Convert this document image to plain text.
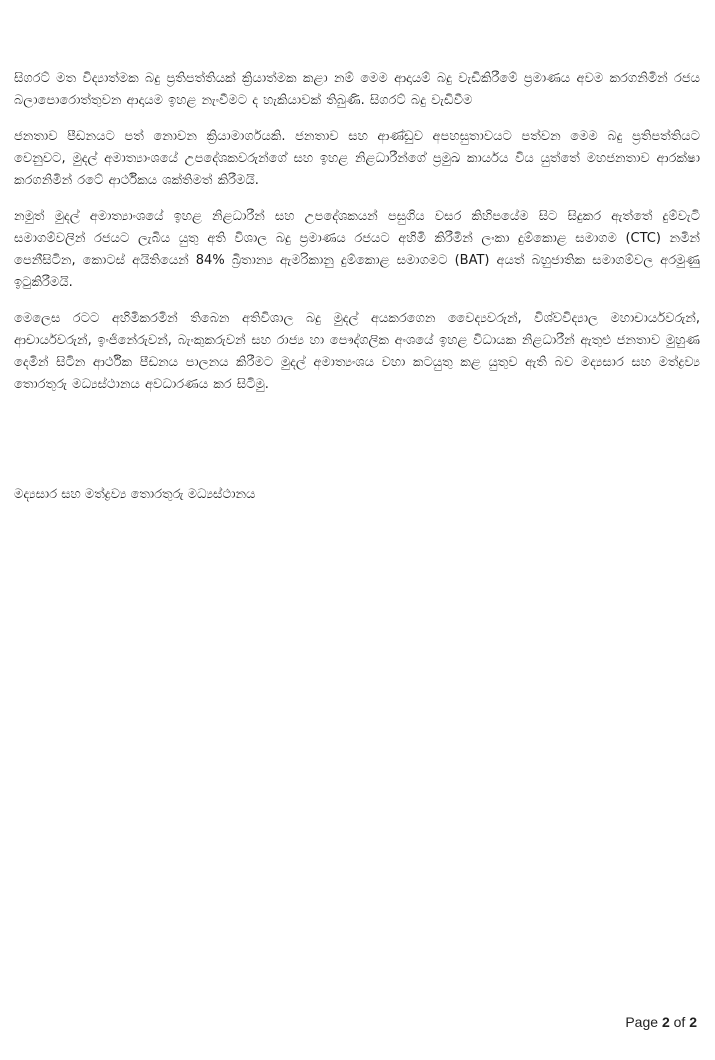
සිගරට් මත විද්‍යාත්මක බදු ප්‍රතිපත්තියක් ක්‍රියාත්මක කළා නම් මෙම ආදායම් බදු වැඩිකිරීමේ ප්‍රමාණය අවම කරගනිමින් රජය බලාපොරොත්තුවන ආදායම ඉහළ නැංවීමට ද හැකියාවක් තිබුණි. සිගරට් බදු වැඩිවීම

ජනතාව පීඩනයට පත් නොවන ක්‍රියාමාර්ගයකි. ජනතාව සහ ආණ්ඩුව අපහසුතාවයට පත්වන මෙම බදු ප්‍රතිපත්තියට වෙනුවට, මුදල් අමාත්‍යාංශයේ උපදේශකවරුන්ගේ සහ ඉහළ නිළධාරීන්ගේ ප්‍රමුඛ කාර්යය විය යුත්තේ මහජනතාව ආරක්ෂා කරගනිමින් රටේ ආර්ථිකය ශක්තිමත් කිරීමයි.

නමුත් මුදල් අමාත්‍යාංශයේ ඉහළ නිළධාරීන් සහ උපදේශකයන් පසුගිය වසර කිහිපයේම සිට සිදුකර ඇත්තේ දුම්වැටි සමාගම්වලින් රජයට ලැබිය යුතු අති විශාල බදු ප්‍රමාණය රජයට අහිමි කිරීමින් ලංකා දුම්කොළ සමාගම (CTC) නමින් පෙනීසිටින, කොටස් අයිතියෙන් 84% බ්‍රිතාන්‍ය ඇමරිකානු දුම්කොළ සමාගමට (BAT) අයත් බහුජාතික සමාගම්වල අරමුණු ඉටුකිරීමයි.

මෙලෙස රටට අහිමිකරමින් තිබෙන අතිවිශාල බදු මුදල් අයකරගෙන වෛද්‍යවරුන්, විශ්වවිද්‍යාල මහාචාර්යවරුන්, ආචාර්යවරුන්, ඉංජිනේරුවන්, බැංකුකරුවන් සහ රාජ්‍ය හා පෞද්ගලික අංශයේ ඉහළ විධායක නිළධාරීන් ඇතුළු ජනතාව මුහුණ දෙමින් සිටින ආර්ථික පීඩනය පාලනය කිරීමට මුදල් අමාත්‍යංශය වහා කටයුතු කළ යුතුව ඇති බව මද්‍යසාර සහ මත්ද්‍රව්‍ය තොරතුරු මධ්‍යස්ථානය අවධාරණය කර සිටිමු.

මද්‍යසාර සහ මත්ද්‍රව්‍ය තොරතුරු මධ්‍යස්ථානය
Page 2 of 2
